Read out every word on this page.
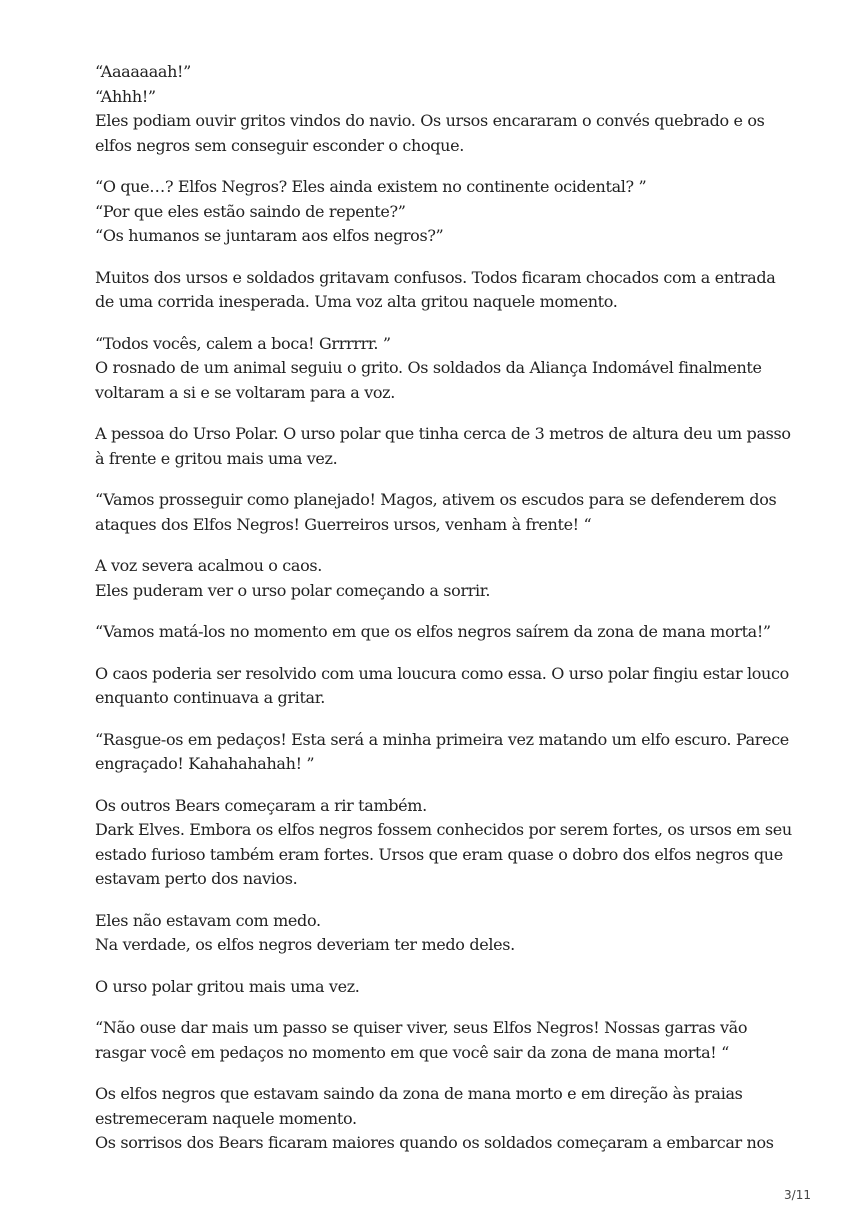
“Aaaaaaah!”
“Ahhh!”
Eles podiam ouvir gritos vindos do navio. Os ursos encararam o convés quebrado e os
elfos negros sem conseguir esconder o choque.
“O que…? Elfos Negros? Eles ainda existem no continente ocidental? ”
“Por que eles estão saindo de repente?”
“Os humanos se juntaram aos elfos negros?”
Muitos dos ursos e soldados gritavam confusos. Todos ficaram chocados com a entrada
de uma corrida inesperada. Uma voz alta gritou naquele momento.
“Todos vocês, calem a boca! Grrrrrr. ”
O rosnado de um animal seguiu o grito. Os soldados da Aliança Indomável finalmente
voltaram a si e se voltaram para a voz.
A pessoa do Urso Polar. O urso polar que tinha cerca de 3 metros de altura deu um passo
à frente e gritou mais uma vez.
“Vamos prosseguir como planejado! Magos, ativem os escudos para se defenderem dos
ataques dos Elfos Negros! Guerreiros ursos, venham à frente! “
A voz severa acalmou o caos.
Eles puderam ver o urso polar começando a sorrir.
“Vamos matá-los no momento em que os elfos negros saírem da zona de mana morta!”
O caos poderia ser resolvido com uma loucura como essa. O urso polar fingiu estar louco
enquanto continuava a gritar.
“Rasgue-os em pedaços! Esta será a minha primeira vez matando um elfo escuro. Parece
engraçado! Kahahahahah! ”
Os outros Bears começaram a rir também.
Dark Elves. Embora os elfos negros fossem conhecidos por serem fortes, os ursos em seu
estado furioso também eram fortes. Ursos que eram quase o dobro dos elfos negros que
estavam perto dos navios.
Eles não estavam com medo.
Na verdade, os elfos negros deveriam ter medo deles.
O urso polar gritou mais uma vez.
“Não ouse dar mais um passo se quiser viver, seus Elfos Negros! Nossas garras vão
rasgar você em pedaços no momento em que você sair da zona de mana morta! “
Os elfos negros que estavam saindo da zona de mana morto e em direção às praias
estremeceram naquele momento.
Os sorrisos dos Bears ficaram maiores quando os soldados começaram a embarcar nos
3/11
